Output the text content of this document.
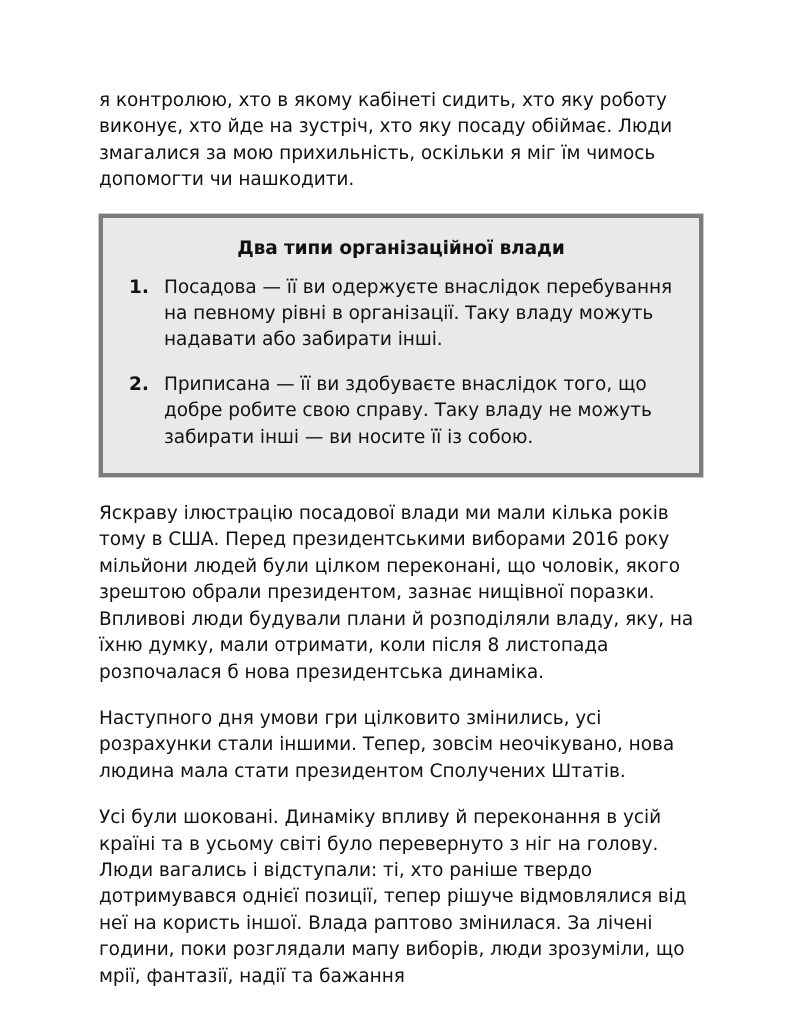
я контролюю, хто в якому кабінеті сидить, хто яку роботу виконує, хто йде на зустріч, хто яку посаду обіймає. Люди змагалися за мою прихильність, оскільки я міг їм чимось допомогти чи нашкодити.

Два типи організаційної влади
1. Посадова — її ви одержуєте внаслідок перебування на певному рівні в організації. Таку владу можуть надавати або забирати інші.
2. Приписана — її ви здобуваєте внаслідок того, що добре робите свою справу. Таку владу не можуть забирати інші — ви носите її із собою.

Яскраву ілюстрацію посадової влади ми мали кілька років тому в США. Перед президентськими виборами 2016 року мільйони людей були цілком переконані, що чоловік, якого зрештою обрали президентом, зазнає нищівної поразки. Впливові люди будували плани й розподіляли владу, яку, на їхню думку, мали отримати, коли після 8 листопада розпочалася б нова президентська динаміка.

Наступного дня умови гри цілковито змінились, усі розрахунки стали іншими. Тепер, зовсім неочікувано, нова людина мала стати президентом Сполучених Штатів.

Усі були шоковані. Динаміку впливу й переконання в усій країні та в усьому світі було перевернуто з ніг на голову. Люди вагались і відступали: ті, хто раніше твердо дотримувався однієї позиції, тепер рішуче відмовлялися від неї на користь іншої. Влада раптово змінилася. За лічені години, поки розглядали мапу виборів, люди зрозуміли, що мрії, фантазії, надії та бажання
